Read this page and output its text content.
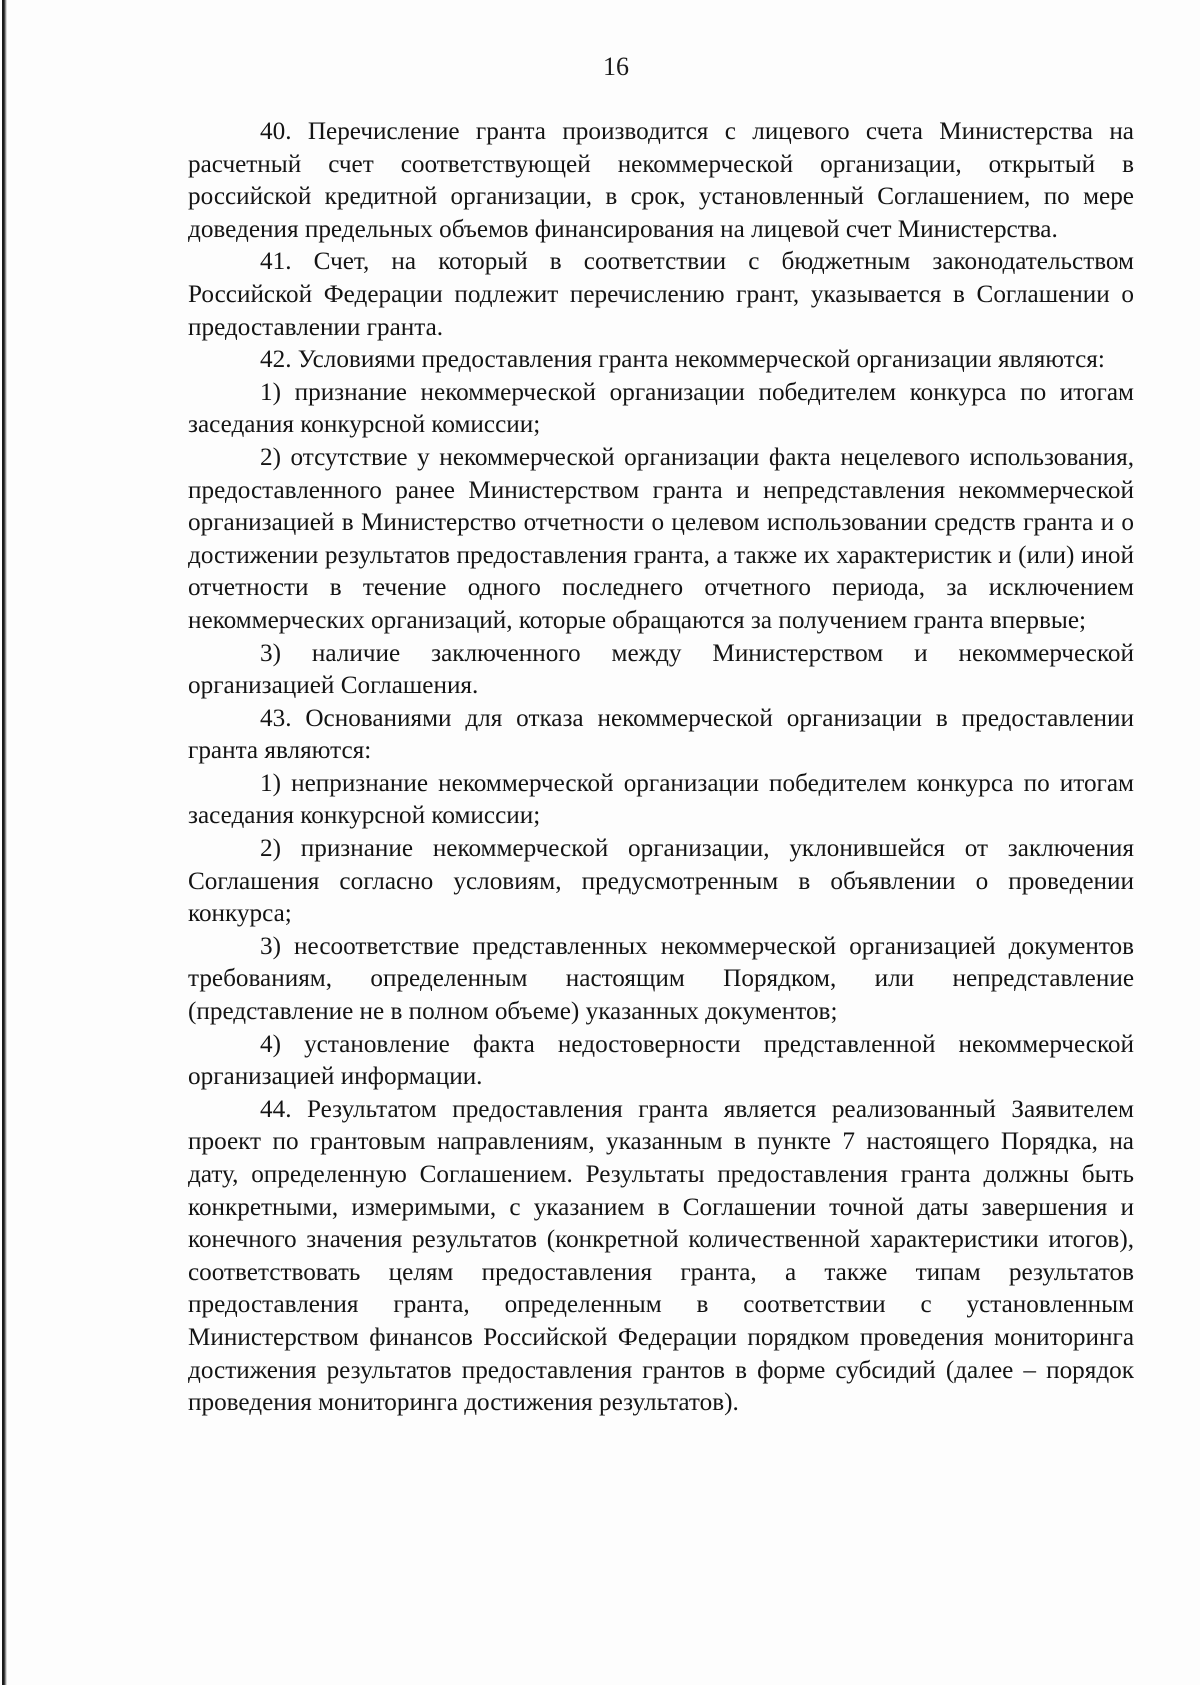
16

40. Перечисление гранта производится с лицевого счета Министерства на расчетный счет соответствующей некоммерческой организации, открытый в российской кредитной организации, в срок, установленный Соглашением, по мере доведения предельных объемов финансирования на лицевой счет Министерства.

41. Счет, на который в соответствии с бюджетным законодательством Российской Федерации подлежит перечислению грант, указывается в Соглашении о предоставлении гранта.

42. Условиями предоставления гранта некоммерческой организации являются:

1) признание некоммерческой организации победителем конкурса по итогам заседания конкурсной комиссии;

2) отсутствие у некоммерческой организации факта нецелевого использования, предоставленного ранее Министерством гранта и непредставления некоммерческой организацией в Министерство отчетности о целевом использовании средств гранта и о достижении результатов предоставления гранта, а также их характеристик и (или) иной отчетности в течение одного последнего отчетного периода, за исключением некоммерческих организаций, которые обращаются за получением гранта впервые;

3) наличие заключенного между Министерством и некоммерческой организацией Соглашения.

43. Основаниями для отказа некоммерческой организации в предоставлении гранта являются:

1) непризнание некоммерческой организации победителем конкурса по итогам заседания конкурсной комиссии;

2) признание некоммерческой организации, уклонившейся от заключения Соглашения согласно условиям, предусмотренным в объявлении о проведении конкурса;

3) несоответствие представленных некоммерческой организацией документов требованиям, определенным настоящим Порядком, или непредставление (представление не в полном объеме) указанных документов;

4) установление факта недостоверности представленной некоммерческой организацией информации.

44. Результатом предоставления гранта является реализованный Заявителем проект по грантовым направлениям, указанным в пункте 7 настоящего Порядка, на дату, определенную Соглашением. Результаты предоставления гранта должны быть конкретными, измеримыми, с указанием в Соглашении точной даты завершения и конечного значения результатов (конкретной количественной характеристики итогов), соответствовать целям предоставления гранта, а также типам результатов предоставления гранта, определенным в соответствии с установленным Министерством финансов Российской Федерации порядком проведения мониторинга достижения результатов предоставления грантов в форме субсидий (далее – порядок проведения мониторинга достижения результатов).
